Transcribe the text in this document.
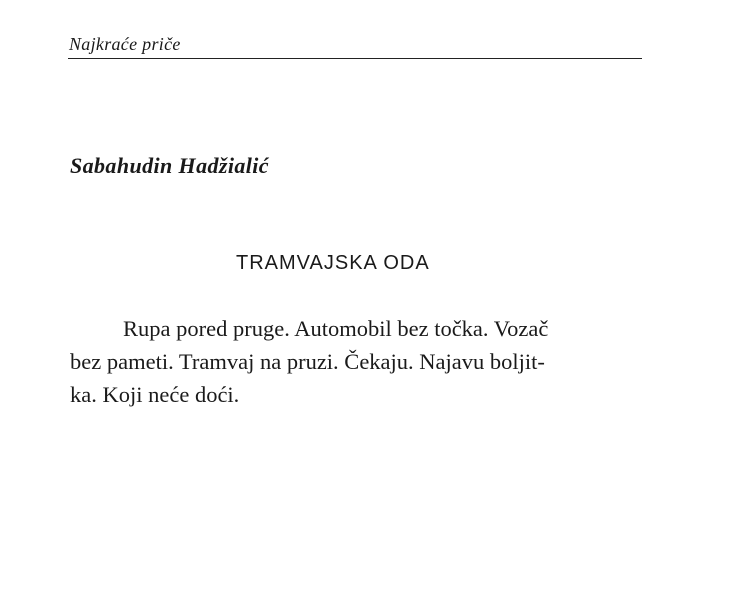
Najkraće priče
Sabahudin Hadžialić
TRAMVAJSKA ODA
Rupa pored pruge. Automobil bez točka. Vozač
bez pameti. Tramvaj na pruzi. Čekaju. Najavu boljit-
ka. Koji neće doći.
